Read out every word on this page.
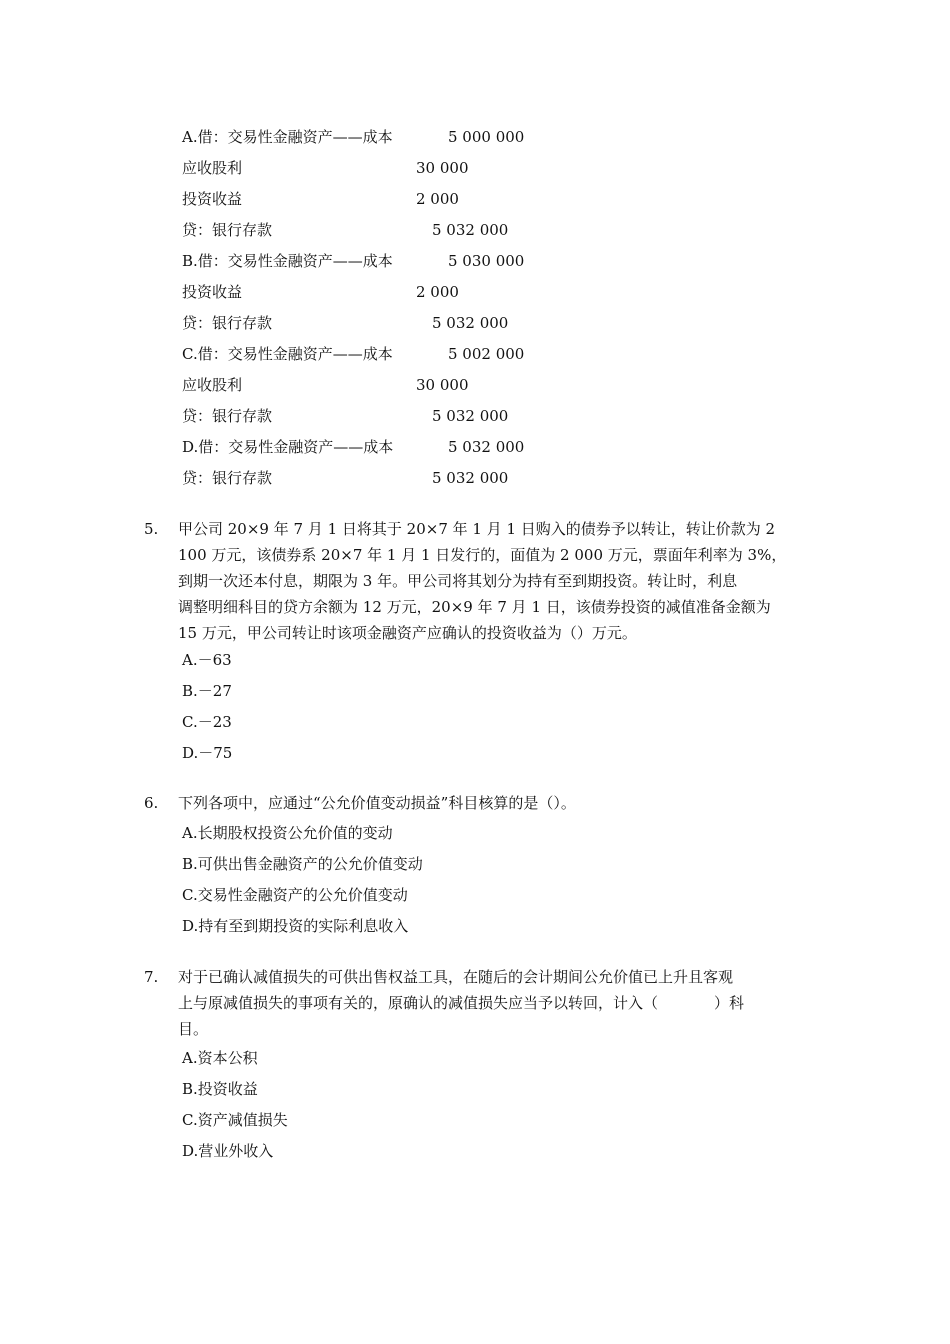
A.借：交易性金融资产——成本	5 000 000
应收股利	30 000
投资收益	2 000
贷：银行存款	5 032 000
B.借：交易性金融资产——成本	5 030 000
投资收益	2 000
贷：银行存款	5 032 000
C.借：交易性金融资产——成本	5 002 000
应收股利	30 000
贷：银行存款	5 032 000
D.借：交易性金融资产——成本	5 032 000
贷：银行存款	5 032 000
5. 甲公司 20×9 年 7 月 1 日将其于 20×7 年 1 月 1 日购入的债券予以转让，转让价款为 2
100 万元，该债券系 20×7 年 1 月 1 日发行的，面值为 2 000 万元，票面年利率为 3%，
到期一次还本付息，期限为 3 年。甲公司将其划分为持有至到期投资。转让时，利息
调整明细科目的贷方余额为 12 万元，20×9 年 7 月 1 日，该债券投资的减值准备金额为
15 万元，甲公司转让时该项金融资产应确认的投资收益为（）万元。
A.－63
B.－27
C.－23
D.－75
6. 下列各项中，应通过“公允价值变动损益”科目核算的是（）。
A.长期股权投资公允价值的变动
B.可供出售金融资产的公允价值变动
C.交易性金融资产的公允价值变动
D.持有至到期投资的实际利息收入
7. 对于已确认减值损失的可供出售权益工具，在随后的会计期间公允价值已上升且客观
上与原减值损失的事项有关的，原确认的减值损失应当予以转回，计入（	）科
目。
A.资本公积
B.投资收益
C.资产减值损失
D.营业外收入
